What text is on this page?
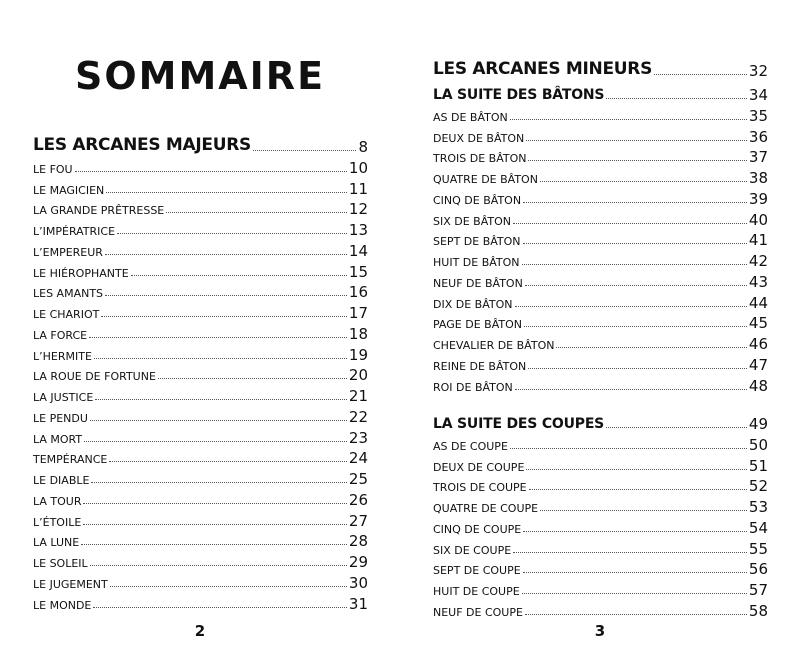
SOMMAIRE
LES ARCANES MAJEURS	8
LE FOU	10
LE MAGICIEN	11
LA GRANDE PRÊTRESSE	12
L’IMPÉRATRICE	13
L’EMPEREUR	14
LE HIÉROPHANTE	15
LES AMANTS	16
LE CHARIOT	17
LA FORCE	18
L’HERMITE	19
LA ROUE DE FORTUNE	20
LA JUSTICE	21
LE PENDU	22
LA MORT	23
TEMPÉRANCE	24
LE DIABLE	25
LA TOUR	26
L’ÉTOILE	27
LA LUNE	28
LE SOLEIL	29
LE JUGEMENT	30
LE MONDE	31
2
LES ARCANES MINEURS	32
LA SUITE DES BÂTONS	34
AS DE BÂTON	35
DEUX DE BÂTON	36
TROIS DE BÂTON	37
QUATRE DE BÂTON	38
CINQ DE BÂTON	39
SIX DE BÂTON	40
SEPT DE BÂTON	41
HUIT DE BÂTON	42
NEUF DE BÂTON	43
DIX DE BÂTON	44
PAGE DE BÂTON	45
CHEVALIER DE BÂTON	46
REINE DE BÂTON	47
ROI DE BÂTON	48
LA SUITE DES COUPES	49
AS DE COUPE	50
DEUX DE COUPE	51
TROIS DE COUPE	52
QUATRE DE COUPE	53
CINQ DE COUPE	54
SIX DE COUPE	55
SEPT DE COUPE	56
HUIT DE COUPE	57
NEUF DE COUPE	58
3
